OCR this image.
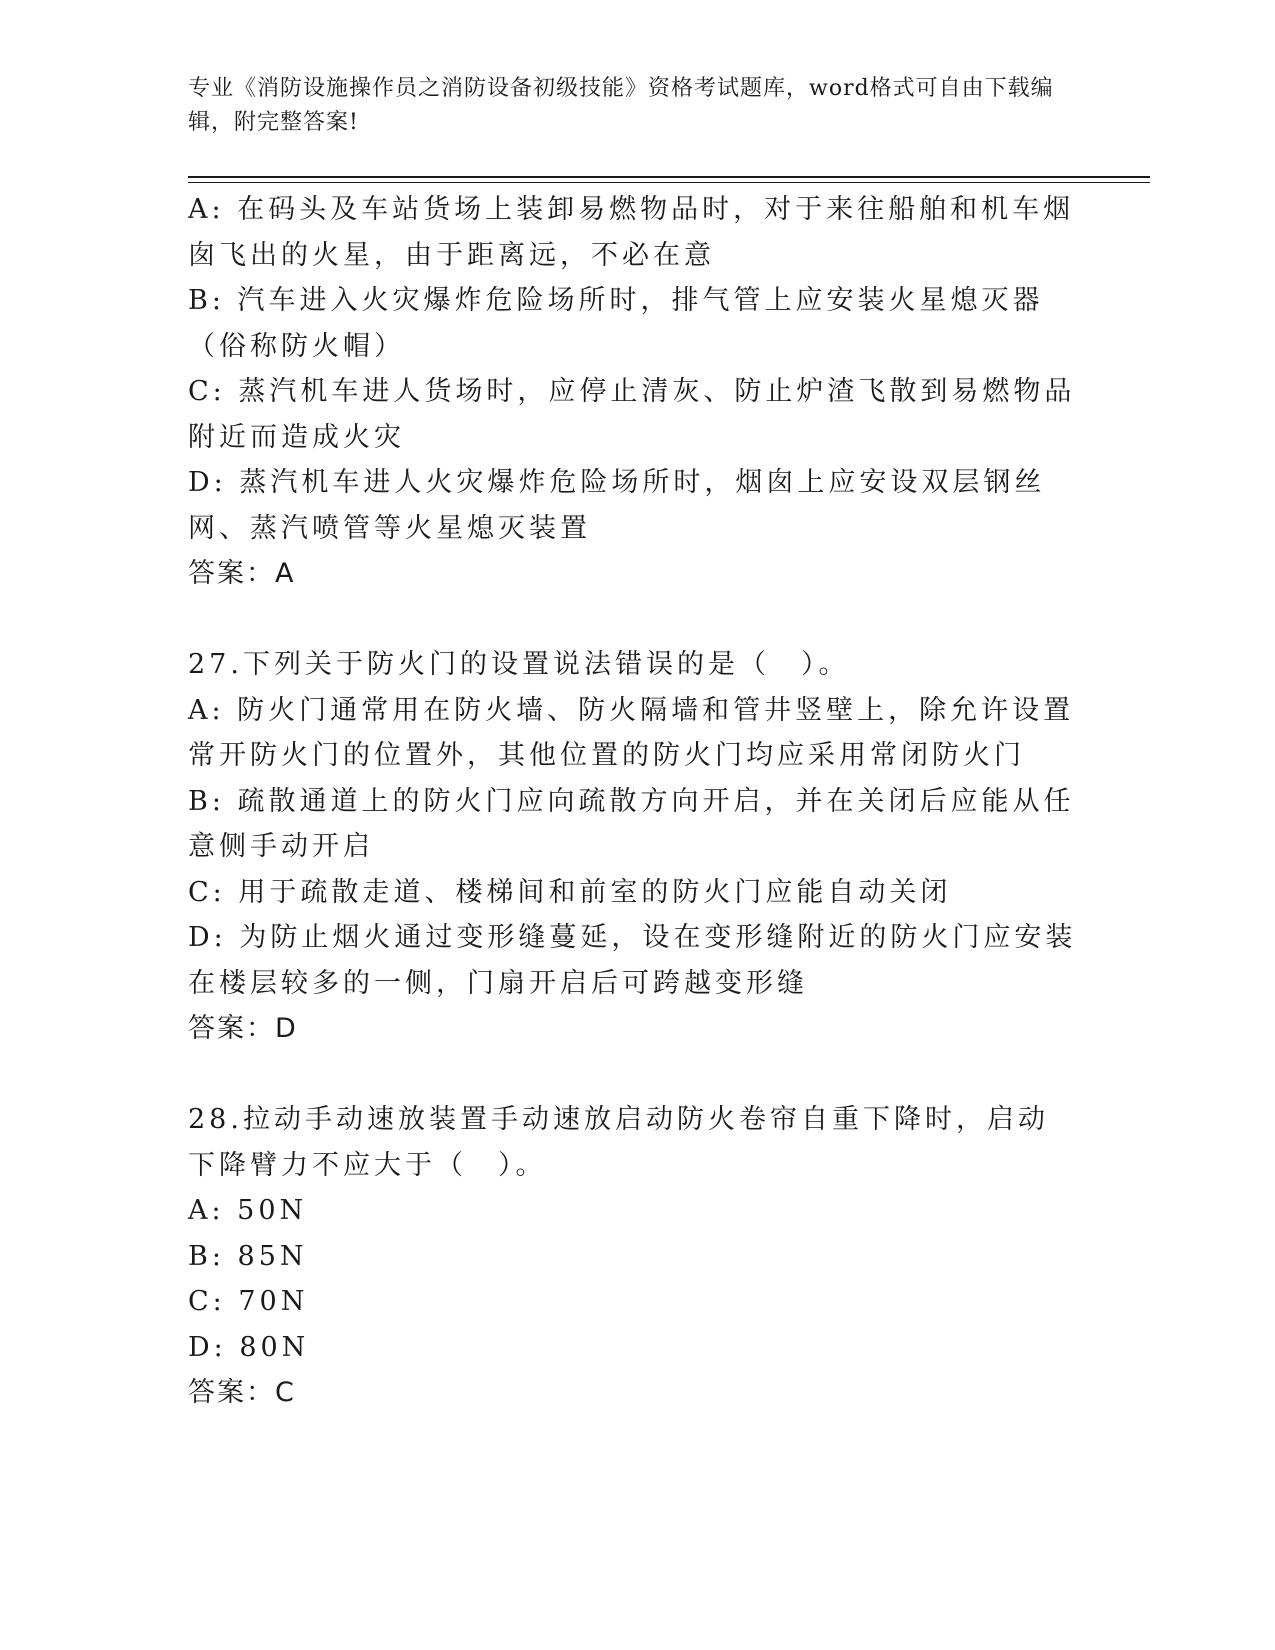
专业《消防设施操作员之消防设备初级技能》资格考试题库，word格式可自由下载编辑，附完整答案!

A: 在码头及车站货场上装卸易燃物品时，对于来往船舶和机车烟囱飞出的火星，由于距离远，不必在意

B: 汽车进入火灾爆炸危险场所时，排气管上应安装火星熄灭器（俗称防火帽）

C: 蒸汽机车进人货场时，应停止清灰、防止炉渣飞散到易燃物品附近而造成火灾

D: 蒸汽机车进人火灾爆炸危险场所时，烟囱上应安设双层钢丝网、蒸汽喷管等火星熄灭装置

答案：A

27.下列关于防火门的设置说法错误的是（　）。

A: 防火门通常用在防火墙、防火隔墙和管井竖壁上，除允许设置常开防火门的位置外，其他位置的防火门均应采用常闭防火门

B: 疏散通道上的防火门应向疏散方向开启，并在关闭后应能从任意侧手动开启

C: 用于疏散走道、楼梯间和前室的防火门应能自动关闭

D: 为防止烟火通过变形缝蔓延，设在变形缝附近的防火门应安装在楼层较多的一侧，门扇开启后可跨越变形缝

答案：D

28.拉动手动速放装置手动速放启动防火卷帘自重下降时，启动下降臂力不应大于（　）。

A: 50N

B: 85N

C: 70N

D: 80N

答案：C
